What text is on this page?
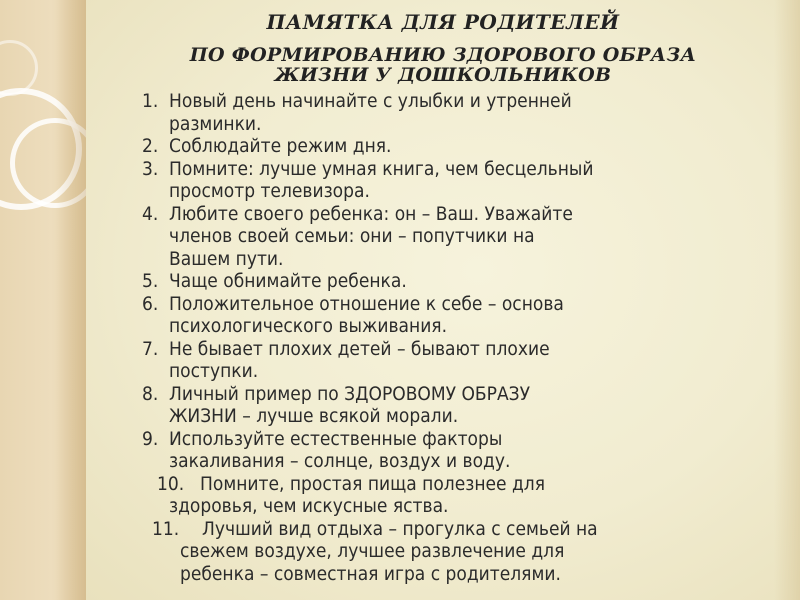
ПАМЯТКА ДЛЯ РОДИТЕЛЕЙ
ПО ФОРМИРОВАНИЮ ЗДОРОВОГО ОБРАЗА
ЖИЗНИ У ДОШКОЛЬНИКОВ
1. Новый день начинайте с улыбки и утренней
разминки.
2. Соблюдайте режим дня.
3. Помните: лучше умная книга, чем бесцельный
просмотр телевизора.
4. Любите своего ребенка: он – Ваш. Уважайте
членов своей семьи: они – попутчики на
Вашем пути.
5. Чаще обнимайте ребенка.
6. Положительное отношение к себе – основа
психологического выживания.
7. Не бывает плохих детей – бывают плохие
поступки.
8. Личный пример по ЗДОРОВОМУ ОБРАЗУ
ЖИЗНИ – лучше всякой морали.
9. Используйте естественные факторы
закаливания – солнце, воздух и воду.
10. Помните, простая пища полезнее для
здоровья, чем искусные яства.
11.	Лучший вид отдыха – прогулка с семьей на
свежем воздухе, лучшее развлечение для
ребенка – совместная игра с родителями.
